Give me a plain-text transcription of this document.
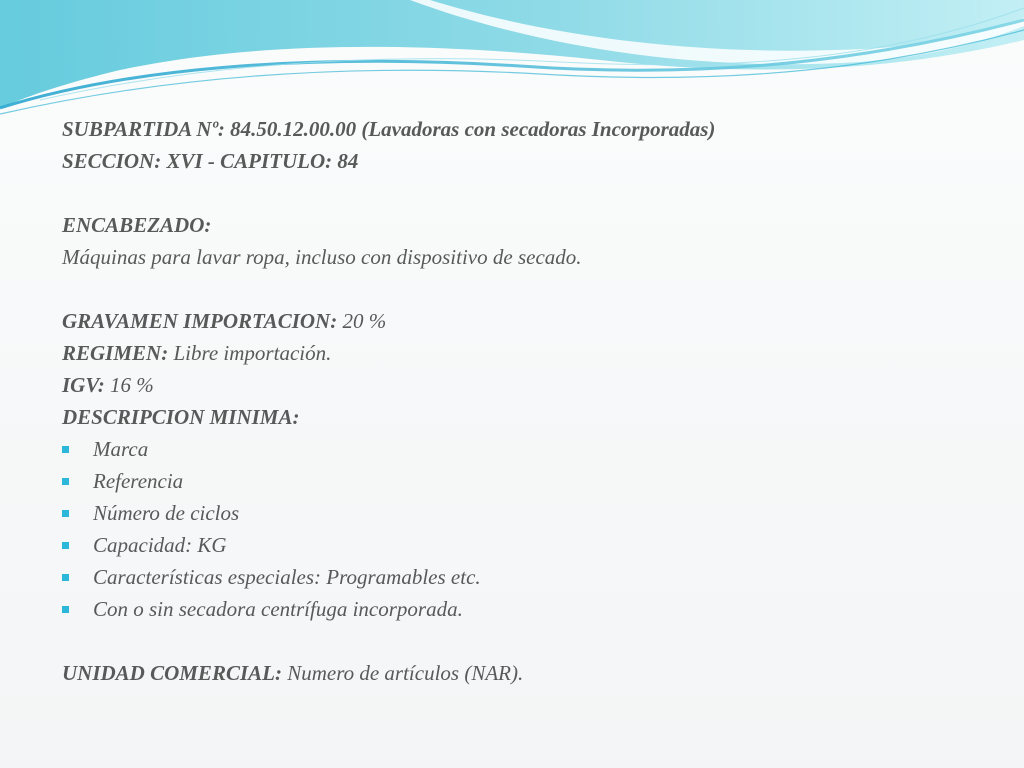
SUBPARTIDA Nº: 84.50.12.00.00 (Lavadoras con secadoras Incorporadas)
SECCION: XVI - CAPITULO: 84
ENCABEZADO:
Máquinas para lavar ropa, incluso con dispositivo de secado.
GRAVAMEN IMPORTACION: 20 %
REGIMEN: Libre importación.
IGV: 16 %
DESCRIPCION MINIMA:
Marca
Referencia
Número de ciclos
Capacidad: KG
Características especiales: Programables etc.
Con o sin secadora centrífuga incorporada.
UNIDAD COMERCIAL: Numero de artículos (NAR).
